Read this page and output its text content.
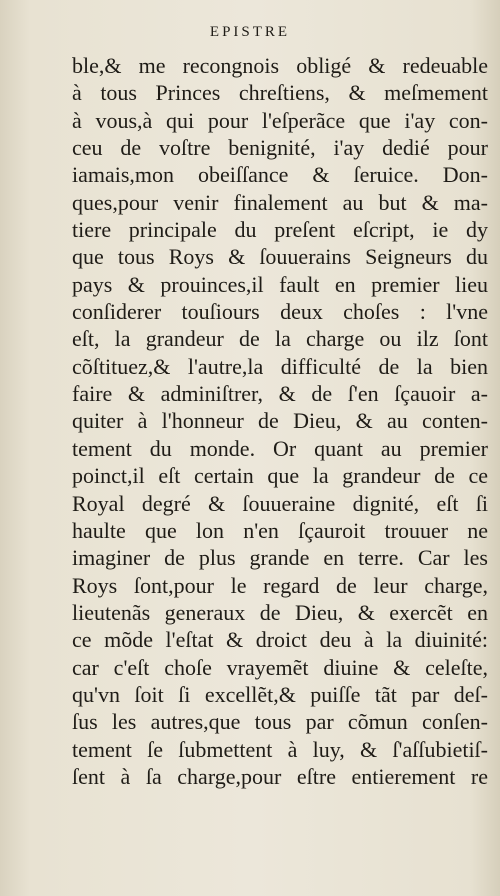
EPISTRE
ble,& me recongnois obligé & redeuable
à tous Princes chreſtiens, & meſmement
à vous,à qui pour l'eſperãce que i'ay con-
ceu de voſtre benignité, i'ay dedié pour
iamais,mon obeiſſance & ſeruice. Don-
ques,pour venir finalement au but & ma-
tiere principale du preſent eſcript, ie dy
que tous Roys & ſouuerains Seigneurs du
pays & prouinces,il fault en premier lieu
conſiderer touſiours deux choſes : l'vne
eſt, la grandeur de la charge ou ilz ſont
cõſtituez,& l'autre,la difficulté de la bien
faire & adminiſtrer, & de ſ'en ſçauoir a-
quiter à l'honneur de Dieu, & au conten-
tement du monde. Or quant au premier
poinct,il eſt certain que la grandeur de ce
Royal degré & ſouueraine dignité, eſt ſi
haulte que lon n'en ſçauroit trouuer ne
imaginer de plus grande en terre. Car les
Roys ſont,pour le regard de leur charge,
lieutenãs generaux de Dieu, & exercẽt en
ce mõde l'eſtat & droict deu à la diuinité:
car c'eſt choſe vrayemẽt diuine & celeſte,
qu'vn ſoit ſi excellẽt,& puiſſe tãt par deſ-
ſus les autres,que tous par cõmun conſen-
tement ſe ſubmettent à luy, & ſ'aſſubietiſ-
ſent à ſa charge,pour eſtre entierement re
